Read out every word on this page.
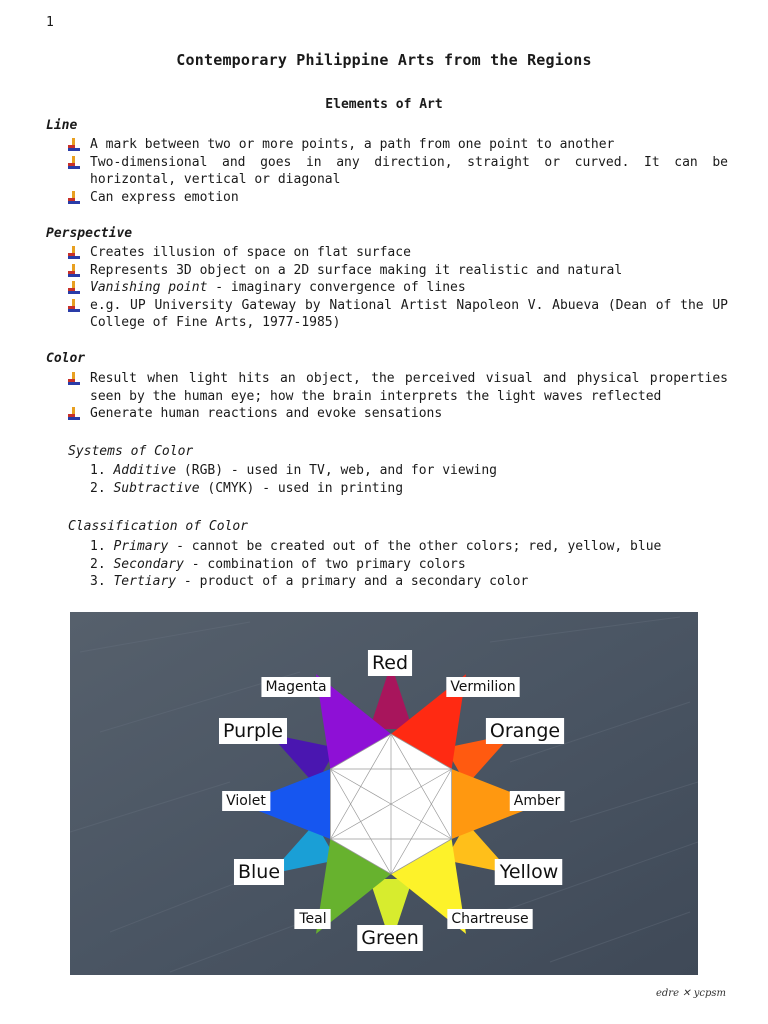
1
Contemporary Philippine Arts from the Regions
Elements of Art
Line
A mark between two or more points, a path from one point to another
Two-dimensional and goes in any direction, straight or curved. It can be horizontal, vertical or diagonal
Can express emotion
Perspective
Creates illusion of space on flat surface
Represents 3D object on a 2D surface making it realistic and natural
Vanishing point - imaginary convergence of lines
e.g. UP University Gateway by National Artist Napoleon V. Abueva (Dean of the UP College of Fine Arts, 1977-1985)
Color
Result when light hits an object, the perceived visual and physical properties seen by the human eye; how the brain interprets the light waves reflected
Generate human reactions and evoke sensations
Systems of Color
1. Additive (RGB) - used in TV, web, and for viewing
2. Subtractive (CMYK) - used in printing
Classification of Color
1. Primary - cannot be created out of the other colors; red, yellow, blue
2. Secondary - combination of two primary colors
3. Tertiary - product of a primary and a secondary color
Red
Magenta	Vermilion
Purple	Orange
Violet	Amber
Blue	Yellow
Teal	Chartreuse
Green
edre ✕ ycpsm
